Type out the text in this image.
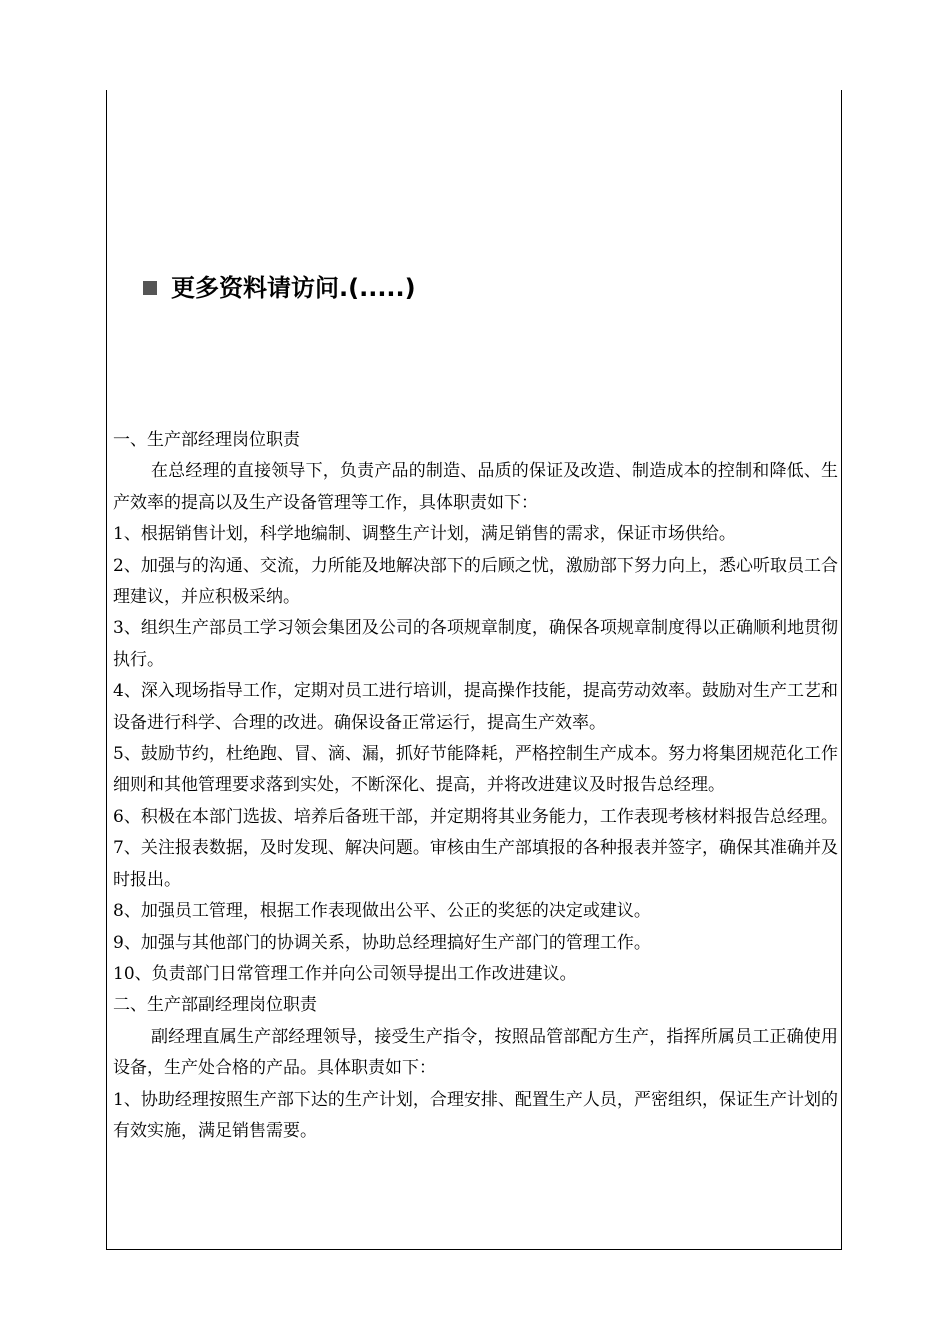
更多资料请访问.(.....)

一、生产部经理岗位职责

在总经理的直接领导下，负责产品的制造、品质的保证及改造、制造成本的控制和降低、生产效率的提高以及生产设备管理等工作，具体职责如下：

1、根据销售计划，科学地编制、调整生产计划，满足销售的需求，保证市场供给。

2、加强与的沟通、交流，力所能及地解决部下的后顾之忧，激励部下努力向上，悉心听取员工合理建议，并应积极采纳。

3、组织生产部员工学习领会集团及公司的各项规章制度，确保各项规章制度得以正确顺利地贯彻执行。

4、深入现场指导工作，定期对员工进行培训，提高操作技能，提高劳动效率。鼓励对生产工艺和设备进行科学、合理的改进。确保设备正常运行，提高生产效率。

5、鼓励节约，杜绝跑、冒、滴、漏，抓好节能降耗，严格控制生产成本。努力将集团规范化工作细则和其他管理要求落到实处，不断深化、提高，并将改进建议及时报告总经理。

6、积极在本部门选拔、培养后备班干部，并定期将其业务能力，工作表现考核材料报告总经理。

7、关注报表数据，及时发现、解决问题。审核由生产部填报的各种报表并签字，确保其准确并及时报出。

8、加强员工管理，根据工作表现做出公平、公正的奖惩的决定或建议。

9、加强与其他部门的协调关系，协助总经理搞好生产部门的管理工作。

10、负责部门日常管理工作并向公司领导提出工作改进建议。

二、生产部副经理岗位职责

副经理直属生产部经理领导，接受生产指令，按照品管部配方生产，指挥所属员工正确使用设备，生产处合格的产品。具体职责如下：

1、协助经理按照生产部下达的生产计划，合理安排、配置生产人员，严密组织，保证生产计划的有效实施，满足销售需要。
